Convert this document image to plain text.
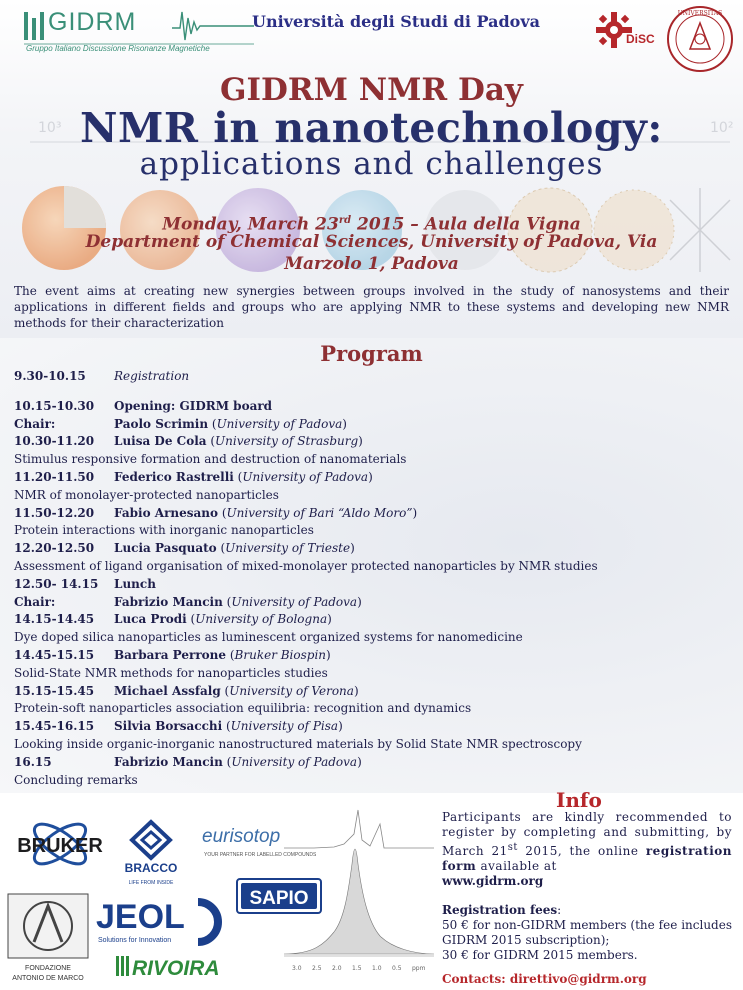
10³	10²
GIDRM
Gruppo Italiano Discussione Risonanze Magnetiche
Università degli Studi di Padova
DiSC
UNIVERSITAS
GIDRM NMR Day
NMR in nanotechnology:
applications and challenges
Monday, March 23rd 2015 – Aula della Vigna
Department of Chemical Sciences, University of Padova, Via
Marzolo 1, Padova
The event aims at creating new synergies between groups involved in the study of nanosystems and their applications in different fields and groups who are applying NMR to these systems and developing new NMR methods for their characterization
Program
9.30-10.15 Registration
10.15-10.30 Opening: GIDRM board
Chair:	Paolo Scrimin (University of Padova)
10.30-11.20 Luisa De Cola (University of Strasburg)
Stimulus responsive formation and destruction of nanomaterials
11.20-11.50 Federico Rastrelli (University of Padova)
NMR of monolayer-protected nanoparticles
11.50-12.20 Fabio Arnesano (University of Bari “Aldo Moro”)
Protein interactions with inorganic nanoparticles
12.20-12.50 Lucia Pasquato (University of Trieste)
Assessment of ligand organisation of mixed-monolayer protected nanoparticles by NMR studies
12.50- 14.15 Lunch
Chair:	Fabrizio Mancin (University of Padova)
14.15-14.45 Luca Prodi (University of Bologna)
Dye doped silica nanoparticles as luminescent organized systems for nanomedicine
14.45-15.15 Barbara Perrone (Bruker Biospin)
Solid-State NMR methods for nanoparticles studies
15.15-15.45 Michael Assfalg (University of Verona)
Protein-soft nanoparticles association equilibria: recognition and dynamics
15.45-16.15 Silvia Borsacchi (University of Pisa)
Looking inside organic-inorganic nanostructured materials by Solid State NMR spectroscopy
16.15	Fabrizio Mancin (University of Padova)
Concluding remarks
BRUKER
BRACCO
LIFE FROM INSIDE
eurisotop
YOUR PARTNER FOR LABELLED COMPOUNDS
SAPIO
FONDAZIONE
ANTONIO DE MARCO
JEOL
Solutions for Innovation
RIVOIRA	3.0 2.5 2.0 1.5 1.0 0.5 ppm
Info

Participants are kindly recommended to register by completing and submitting, by March 21st 2015, the online registration form available at

www.gidrm.org

Registration fees:

50 € for non-GIDRM members (the fee includes GIDRM 2015 subscription);

30 € for GIDRM 2015 members.

Contacts: direttivo@gidrm.org
